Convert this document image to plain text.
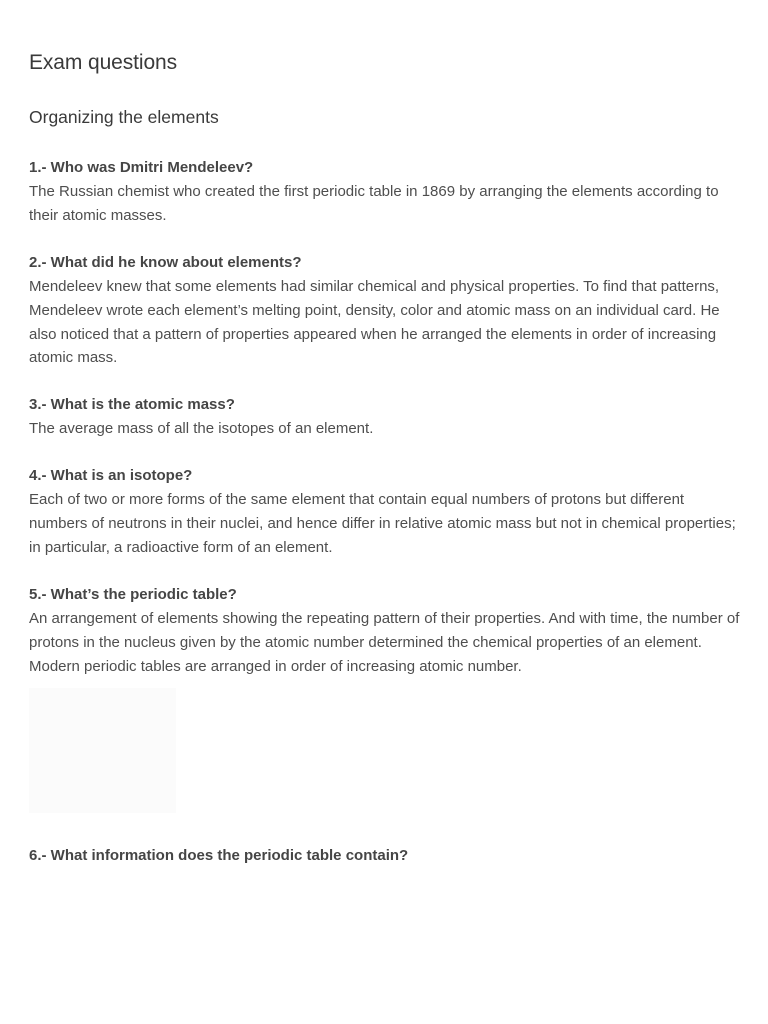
Exam questions
Organizing the elements

1.- Who was Dmitri Mendeleev?

The Russian chemist who created the first periodic table in 1869 by arranging the elements according to their atomic masses.

2.- What did he know about elements?

Mendeleev knew that some elements had similar chemical and physical properties. To find that patterns, Mendeleev wrote each element’s melting point, density, color and atomic mass on an individual card. He also noticed that a pattern of properties appeared when he arranged the elements in order of increasing atomic mass.

3.- What is the atomic mass?

The average mass of all the isotopes of an element.

4.- What is an isotope?

Each of two or more forms of the same element that contain equal numbers of protons but different numbers of neutrons in their nuclei, and hence differ in relative atomic mass but not in chemical properties; in particular, a radioactive form of an element.

5.- What’s the periodic table?

An arrangement of elements showing the repeating pattern of their properties. And with time, the number of protons in the nucleus given by the atomic number determined the chemical properties of an element. Modern periodic tables are arranged in order of increasing atomic number.

6.- What information does the periodic table contain?
